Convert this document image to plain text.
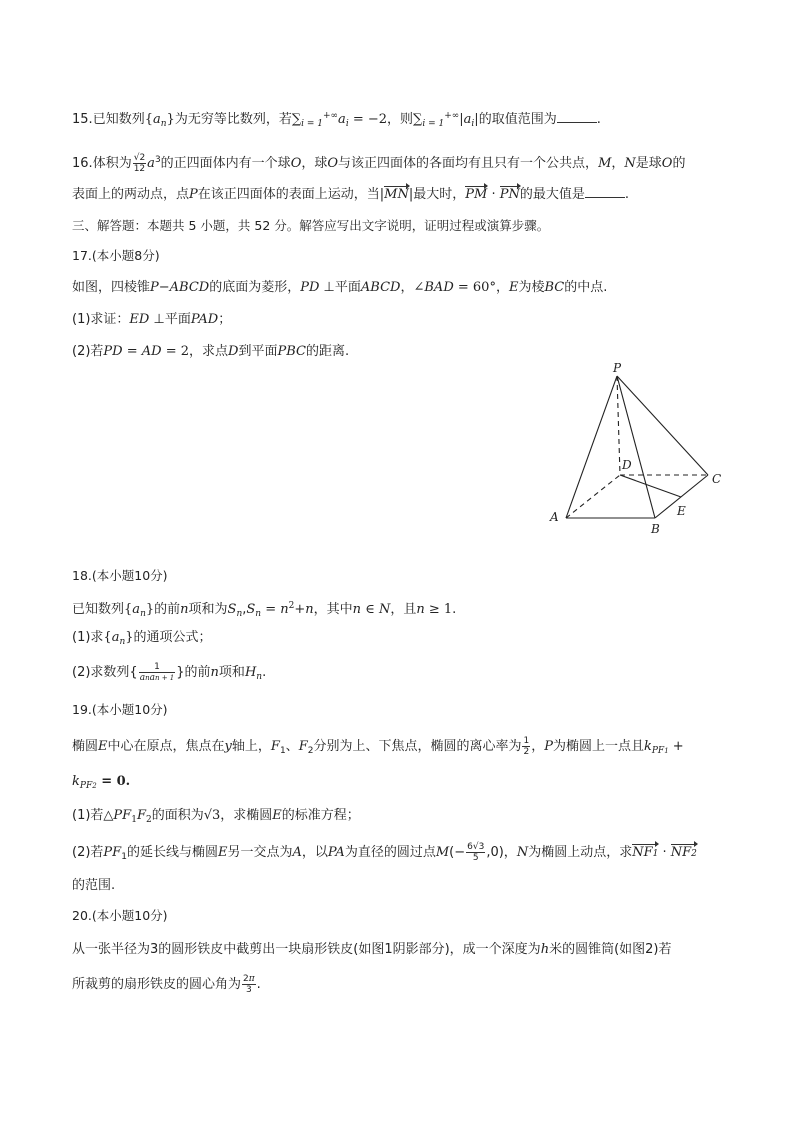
15.已知数列$\{a_n\}$为无穷等比数列，若$\sum_{i = 1}^{+\infty}a_i = -2$，则$\sum_{i = 1}^{+\infty}|a_i|$的取值范围为	.
16.体积为 $\frac{√2}{12} a^3$的正四面体内有一个球O，球O与该正四面体的各面均有且只有一个公共点，M，N是球O的
表面上的两动点，点P在该正四面体的表面上运动，当|MN|最大时，PM · PN的最大值是	.
三、解答题：本题共 5 小题，共 52 分。解答应写出文字说明，证明过程或演算步骤。
17.(本小题8分)
如图，四棱锥P−ABCD的底面为菱形，PD ⊥平面ABCD，∠BAD = 60°，E为棱BC的中点.
(1)求证：ED ⊥平面PAD；
(2)若PD = AD = 2，求点D到平面PBC的距离.
P
D
C
A
B
E
18.(本小题10分)
已知数列$\{a_n\}$的前n项和为$S_n,S_n = n^2+n$，其中n ∈ N，且n ≥ 1.
(1)求$\{a_n\}$的通项公式；
(2)求数列{ $\frac{1}{\text{anan + 1}}$ }的前n项和$H_n$.
19.(本小题10分)
椭圆E中心在原点，焦点在y轴上，$F_1$、$F_2$分别为上、下焦点，椭圆的离心率为 $\frac{1}{2}$ ，P为椭圆上一点且$k_{PF1}$ +
$k_{PF2} = 0$.
(1)若$\triangle PF_1F_2$的面积为√3，求椭圆E的标准方程；
(2)若$PF_1$的延长线与椭圆E另一交点为A，以PA为直径的圆过点$M(- \frac{6√3}{5} ,0)$，N为椭圆上动点，求NF1 · NF2
的范围.
20.(本小题10分)
从一张半径为3的圆形铁皮中截剪出一块扇形铁皮(如图1阴影部分)，成一个深度为h米的圆锥筒(如图2)若
所裁剪的扇形铁皮的圆心角为 $\frac{2\pi}{3}$ .
